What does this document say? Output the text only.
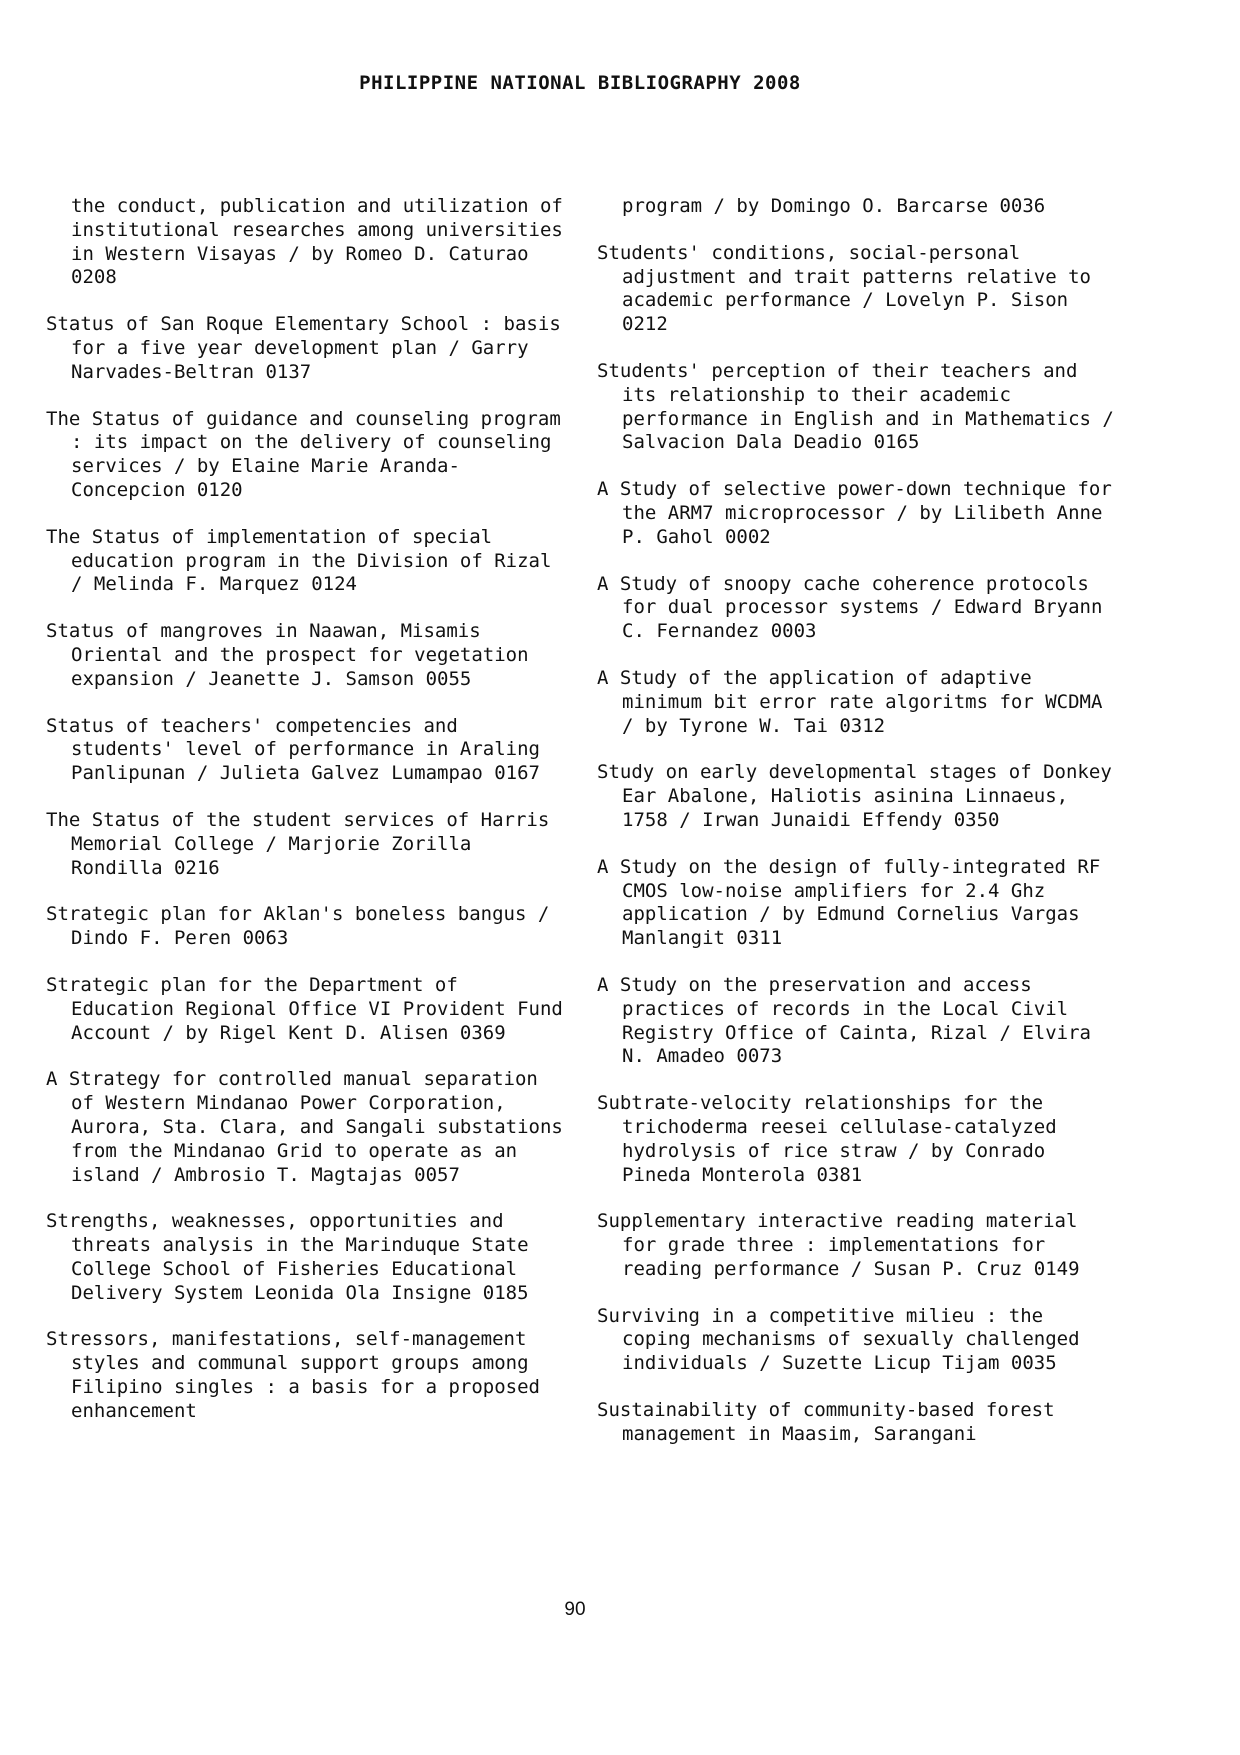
PHILIPPINE NATIONAL BIBLIOGRAPHY 2008

the conduct, publication and utilization of institutional researches among universities in Western Visayas / by Romeo D. Caturao 0208

Status of San Roque Elementary School : basis for a five year development plan / Garry Narvades-Beltran 0137

The Status of guidance and counseling program : its impact on the delivery of counseling services / by Elaine Marie Aranda-Concepcion 0120

The Status of implementation of special education program in the Division of Rizal / Melinda F. Marquez 0124

Status of mangroves in Naawan, Misamis Oriental and the prospect for vegetation expansion / Jeanette J. Samson 0055

Status of teachers' competencies and students' level of performance in Araling Panlipunan / Julieta Galvez Lumampao 0167

The Status of the student services of Harris Memorial College / Marjorie Zorilla Rondilla 0216

Strategic plan for Aklan's boneless bangus / Dindo F. Peren 0063

Strategic plan for the Department of Education Regional Office VI Provident Fund Account / by Rigel Kent D. Alisen 0369

A Strategy for controlled manual separation of Western Mindanao Power Corporation, Aurora, Sta. Clara, and Sangali substations from the Mindanao Grid to operate as an island / Ambrosio T. Magtajas 0057

Strengths, weaknesses, opportunities and threats analysis in the Marinduque State College School of Fisheries Educational Delivery System Leonida Ola Insigne 0185

Stressors, manifestations, self-management styles and communal support groups among Filipino singles : a basis for a proposed enhancement

program / by Domingo O. Barcarse 0036

Students' conditions, social-personal adjustment and trait patterns relative to academic performance / Lovelyn P. Sison 0212

Students' perception of their teachers and its relationship to their academic performance in English and in Mathematics / Salvacion Dala Deadio 0165

A Study of selective power-down technique for the ARM7 microprocessor / by Lilibeth Anne P. Gahol 0002

A Study of snoopy cache coherence protocols for dual processor systems / Edward Bryann C. Fernandez 0003

A Study of the application of adaptive minimum bit error rate algoritms for WCDMA / by Tyrone W. Tai 0312

Study on early developmental stages of Donkey Ear Abalone, Haliotis asinina Linnaeus, 1758 / Irwan Junaidi Effendy 0350

A Study on the design of fully-integrated RF CMOS low-noise amplifiers for 2.4 Ghz application / by Edmund Cornelius Vargas Manlangit 0311

A Study on the preservation and access practices of records in the Local Civil Registry Office of Cainta, Rizal / Elvira N. Amadeo 0073

Subtrate-velocity relationships for the trichoderma reesei cellulase-catalyzed hydrolysis of rice straw / by Conrado Pineda Monterola 0381

Supplementary interactive reading material for grade three : implementations for reading performance / Susan P. Cruz 0149

Surviving in a competitive milieu : the coping mechanisms of sexually challenged individuals / Suzette Licup Tijam 0035

Sustainability of community-based forest management in Maasim, Sarangani

90
